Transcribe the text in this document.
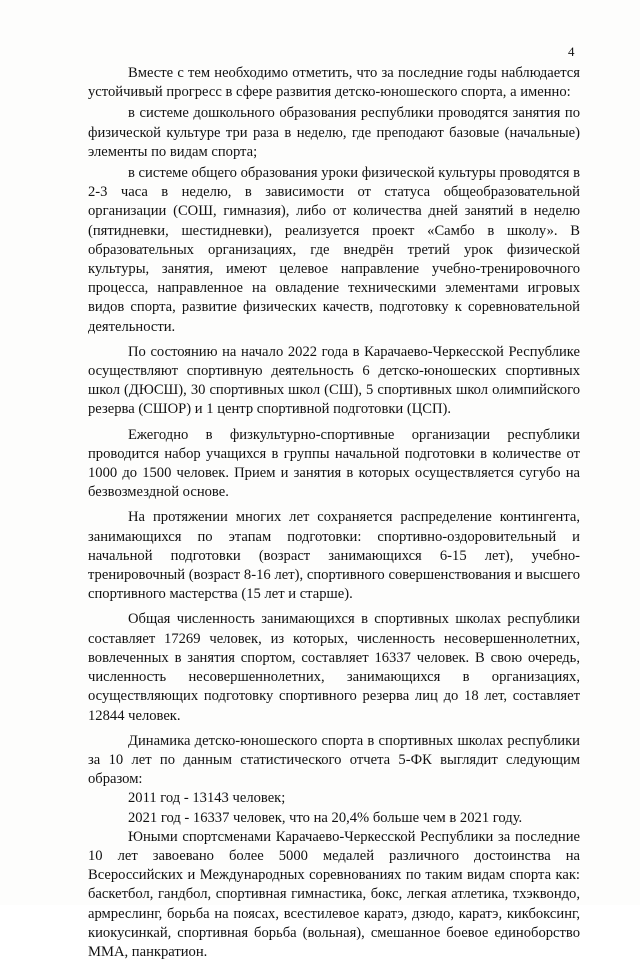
4

Вместе с тем необходимо отметить, что за последние годы наблюдается устойчивый прогресс в сфере развития детско-юношеского спорта, а именно:

в системе дошкольного образования республики проводятся занятия по физической культуре три раза в неделю, где преподают базовые (начальные) элементы по видам спорта;

в системе общего образования уроки физической культуры проводятся в 2-3 часа в неделю, в зависимости от статуса общеобразовательной организации (СОШ, гимназия), либо от количества дней занятий в неделю (пятидневки, шестидневки), реализуется проект «Самбо в школу». В образовательных организациях, где внедрён третий урок физической культуры, занятия, имеют целевое направление учебно-тренировочного процесса, направленное на овладение техническими элементами игровых видов спорта, развитие физических качеств, подготовку к соревновательной деятельности.

По состоянию на начало 2022 года в Карачаево-Черкесской Республике осуществляют спортивную деятельность 6 детско-юношеских спортивных школ (ДЮСШ), 30 спортивных школ (СШ), 5 спортивных школ олимпийского резерва (СШОР) и 1 центр спортивной подготовки (ЦСП).

Ежегодно в физкультурно-спортивные организации республики проводится набор учащихся в группы начальной подготовки в количестве от 1000 до 1500 человек. Прием и занятия в которых осуществляется сугубо на безвозмездной основе.

На протяжении многих лет сохраняется распределение контингента, занимающихся по этапам подготовки: спортивно-оздоровительный и начальной подготовки (возраст занимающихся 6-15 лет), учебно-тренировочный (возраст 8-16 лет), спортивного совершенствования и высшего спортивного мастерства (15 лет и старше).

Общая численность занимающихся в спортивных школах республики составляет 17269 человек, из которых, численность несовершеннолетних, вовлеченных в занятия спортом, составляет 16337 человек. В свою очередь, численность несовершеннолетних, занимающихся в организациях, осуществляющих подготовку спортивного резерва лиц до 18 лет, составляет 12844 человек.

Динамика детско-юношеского спорта в спортивных школах республики за 10 лет по данным статистического отчета 5-ФК выглядит следующим образом:

2011 год - 13143 человек;

2021 год - 16337 человек, что на 20,4% больше чем в 2021 году.

Юными спортсменами Карачаево-Черкесской Республики за последние 10 лет завоевано более 5000 медалей различного достоинства на Всероссийских и Международных соревнованиях по таким видам спорта как: баскетбол, гандбол, спортивная гимнастика, бокс, легкая атлетика, тхэквондо, армреслинг, борьба на поясах, всестилевое каратэ, дзюдо, каратэ, кикбоксинг, киокусинкай, спортивная борьба (вольная), смешанное боевое единоборство ММА, панкратион.
